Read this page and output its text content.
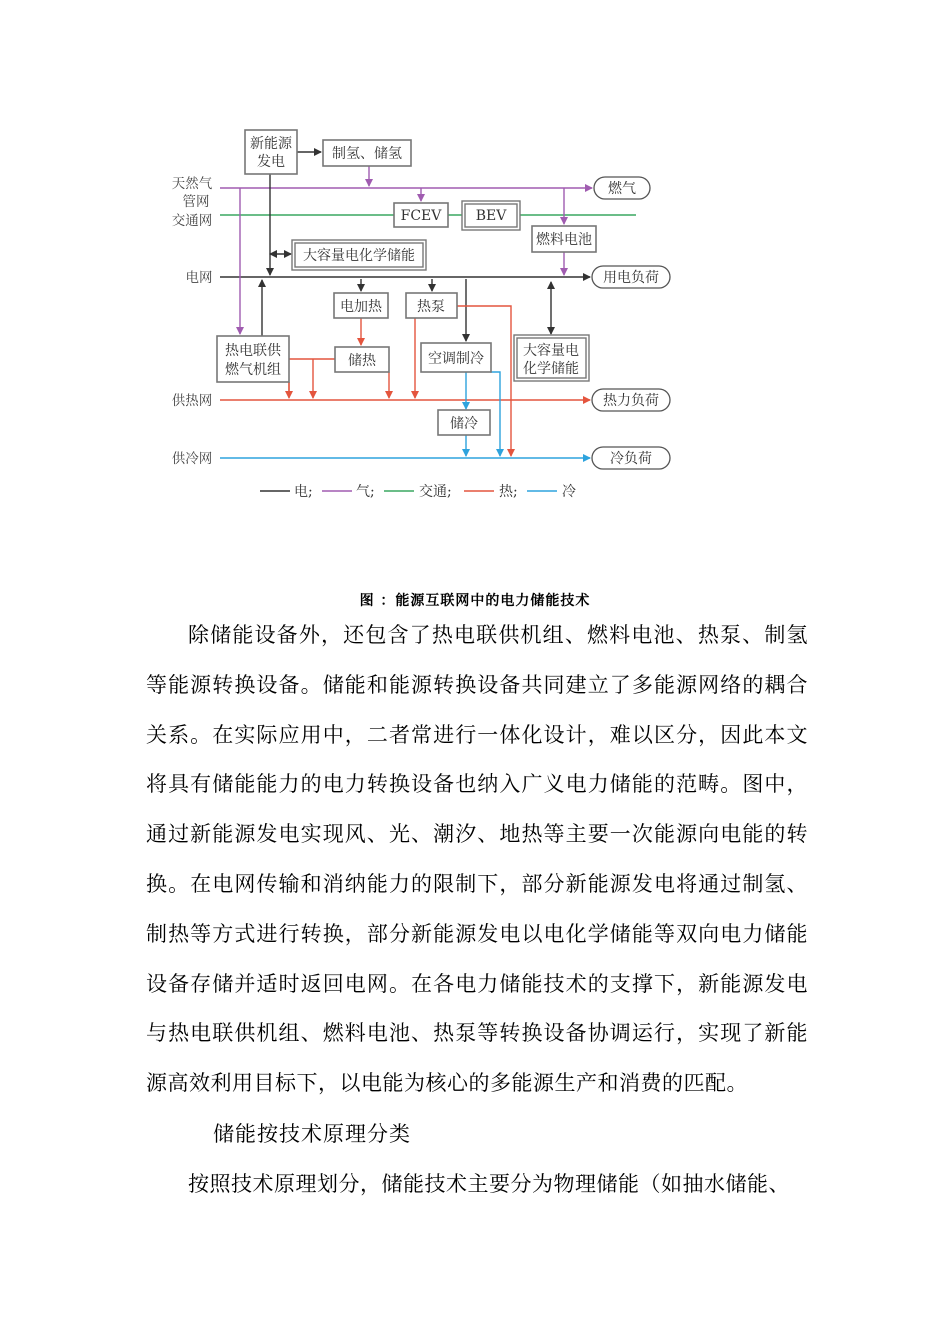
天然气管网
交通网
电网
供热网
供冷网
新能源发电	制氢、储氢
FCEV BEV
燃料电池
大容量电化学储能
电加热	热泵
热电联供燃气机组
储热	空调制冷	大容量电化学储能
储冷
燃气
用电负荷
热力负荷
冷负荷
电;	气;	交通;	热;	冷
图 ：能源互联网中的电力储能技术

除储能设备外，还包含了热电联供机组、燃料电池、热泵、制氢等能源转换设备。储能和能源转换设备共同建立了多能源网络的耦合关系。在实际应用中，二者常进行一体化设计，难以区分，因此本文将具有储能能力的电力转换设备也纳入广义电力储能的范畴。图中，通过新能源发电实现风、光、潮汐、地热等主要一次能源向电能的转换。在电网传输和消纳能力的限制下，部分新能源发电将通过制氢、制热等方式进行转换，部分新能源发电以电化学储能等双向电力储能设备存储并适时返回电网。在各电力储能技术的支撑下，新能源发电与热电联供机组、燃料电池、热泵等转换设备协调运行，实现了新能源高效利用目标下，以电能为核心的多能源生产和消费的匹配。

储能按技术原理分类

按照技术原理划分，储能技术主要分为物理储能（如抽水储能、
